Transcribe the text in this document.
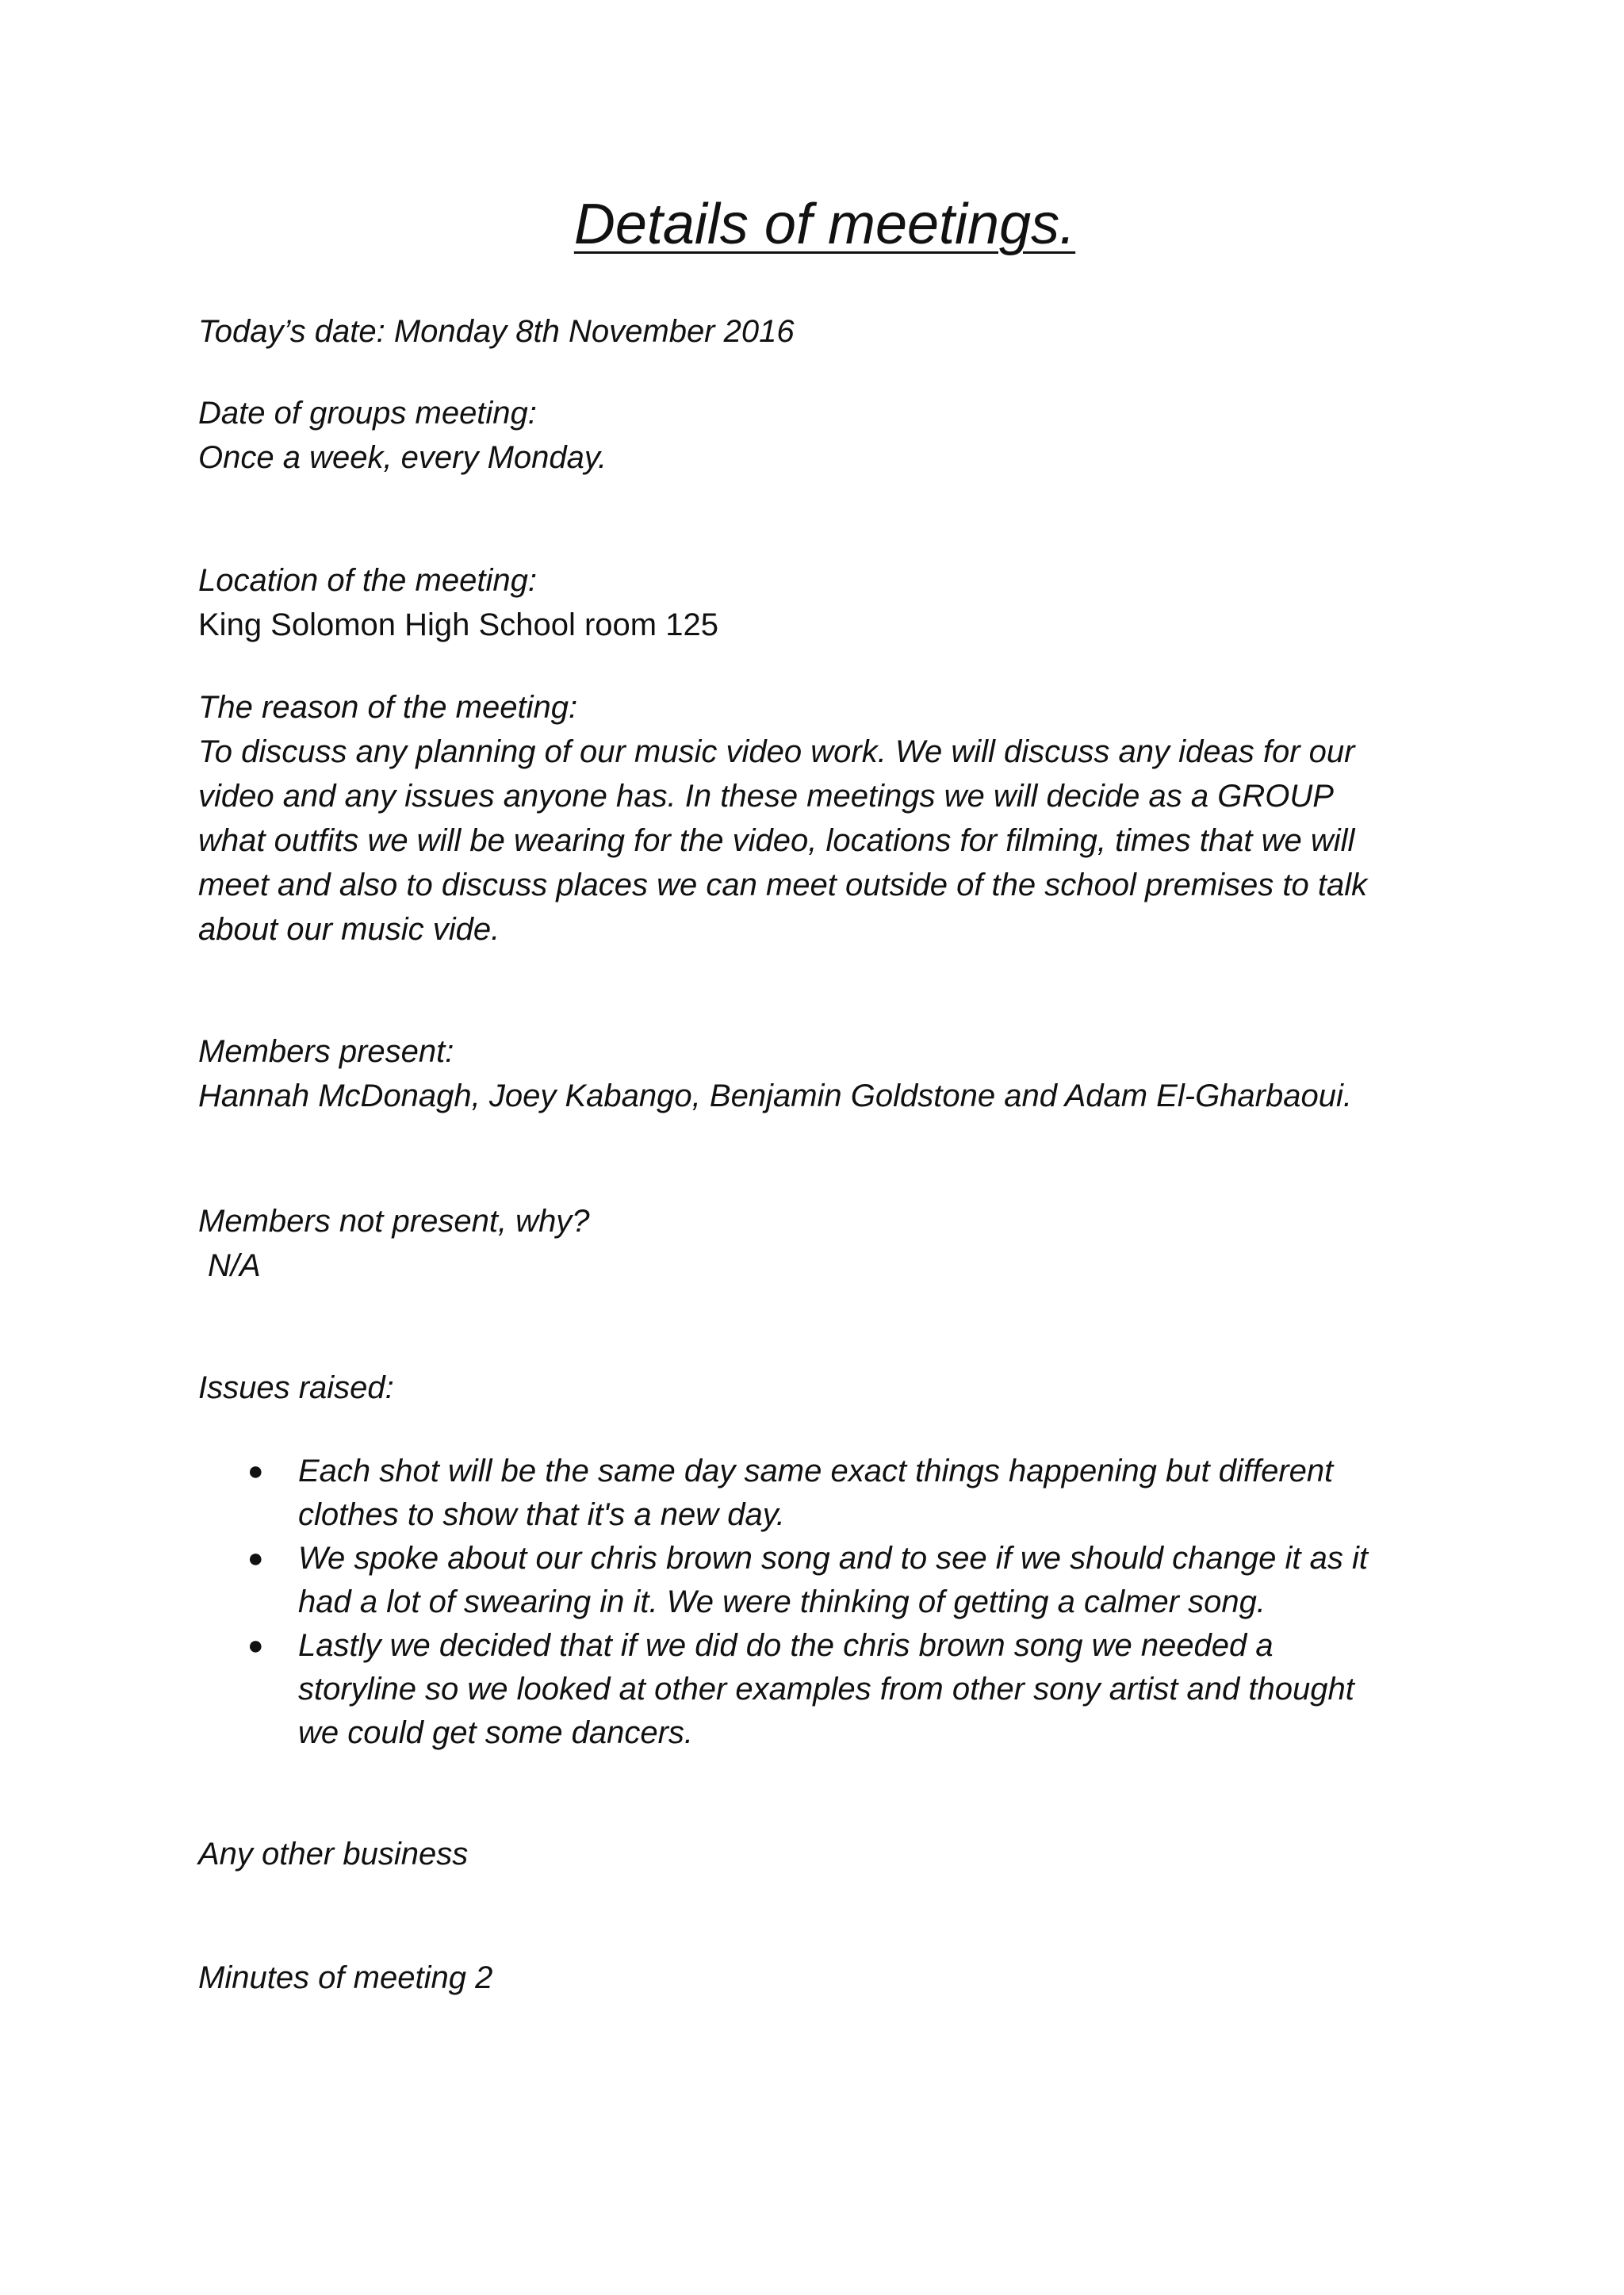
Details of meetings.

Today’s date: Monday 8th November 2016

Date of groups meeting:
Once a week, every Monday.
Location of the meeting:
King Solomon High School room 125
The reason of the meeting:
To discuss any planning of our music video work. We will discuss any ideas for our
video and any issues anyone has. In these meetings we will decide as a GROUP
what outfits we will be wearing for the video, locations for filming, times that we will
meet and also to discuss places we can meet outside of the school premises to talk
about our music vide.
Members present:
Hannah McDonagh, Joey Kabango, Benjamin Goldstone and Adam El-Gharbaoui.
Members not present, why?
N/A

Issues raised:

● Each shot will be the same day same exact things happening but different
clothes to show that it's a new day.
● We spoke about our chris brown song and to see if we should change it as it
had a lot of swearing in it. We were thinking of getting a calmer song.
● Lastly we decided that if we did do the chris brown song we needed a
storyline so we looked at other examples from other sony artist and thought
we could get some dancers.

Any other business

Minutes of meeting 2
